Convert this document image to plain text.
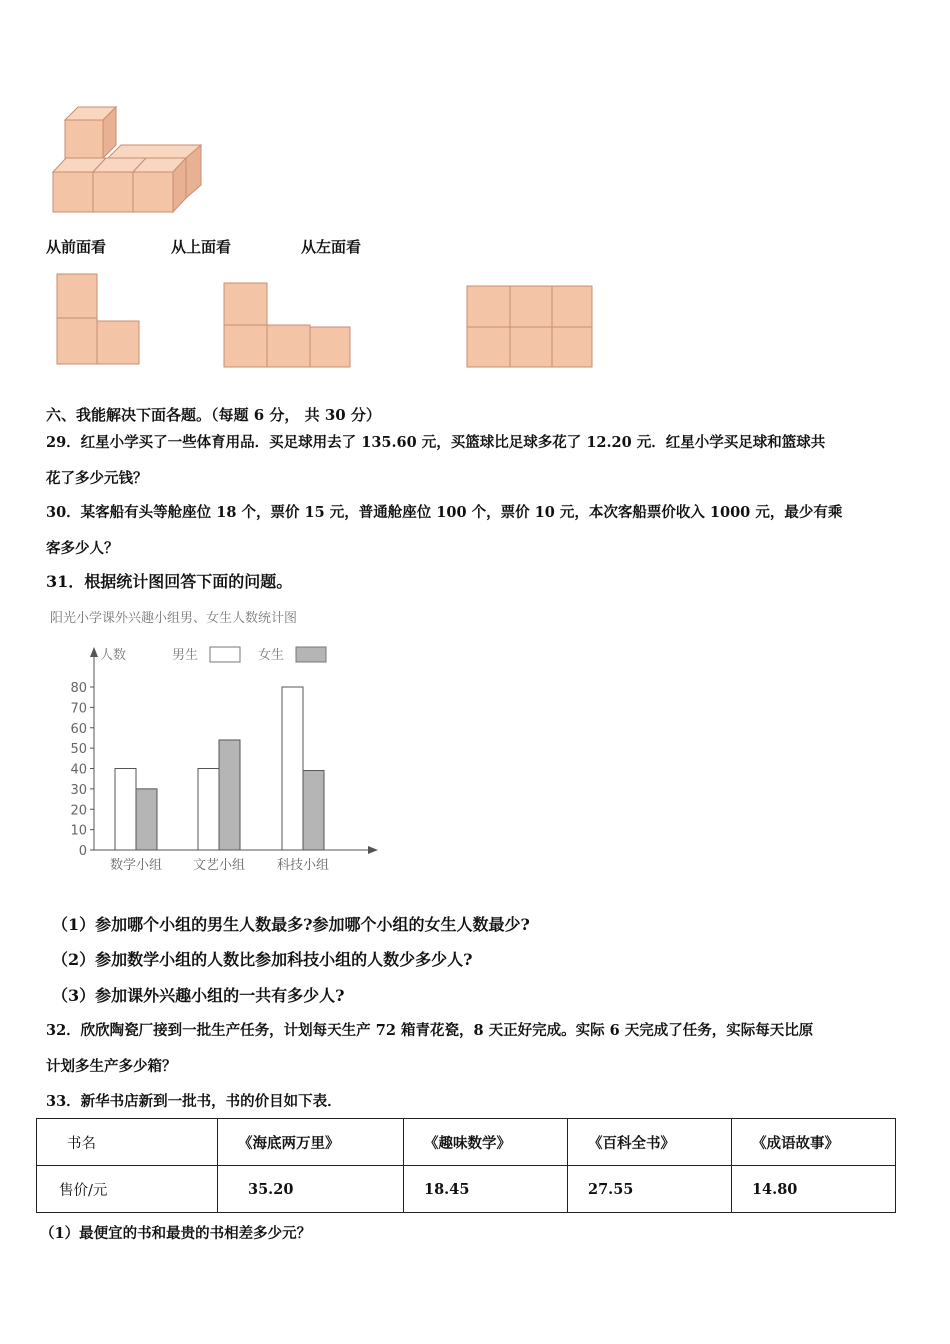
从前面看	从上面看	从左面看
六、我能解决下面各题。（每题 6 分， 共 30 分）
29．红星小学买了一些体育用品．买足球用去了 135.60 元，买篮球比足球多花了 12.20 元．红星小学买足球和篮球共
花了多少元钱？
30．某客船有头等舱座位 18 个，票价 15 元，普通舱座位 100 个，票价 10 元，本次客船票价收入 1000 元，最少有乘
客多少人？
31．根据统计图回答下面的问题。
阳光小学课外兴趣小组男、女生人数统计图
人数	男生	女生
0
10
20
30
40
50
60
70
80
数学小组 文艺小组 科技小组
（1）参加哪个小组的男生人数最多?参加哪个小组的女生人数最少?
（2）参加数学小组的人数比参加科技小组的人数少多少人?
（3）参加课外兴趣小组的一共有多少人?
32．欣欣陶瓷厂接到一批生产任务，计划每天生产 72 箱青花瓷，8 天正好完成。实际 6 天完成了任务，实际每天比原
计划多生产多少箱？
33．新华书店新到一批书，书的价目如下表．
书名	《海底两万里》	《趣味数学》	《百科全书》	《成语故事》
售价/元	35.20	18.45	27.55	14.80
（1）最便宜的书和最贵的书相差多少元？
